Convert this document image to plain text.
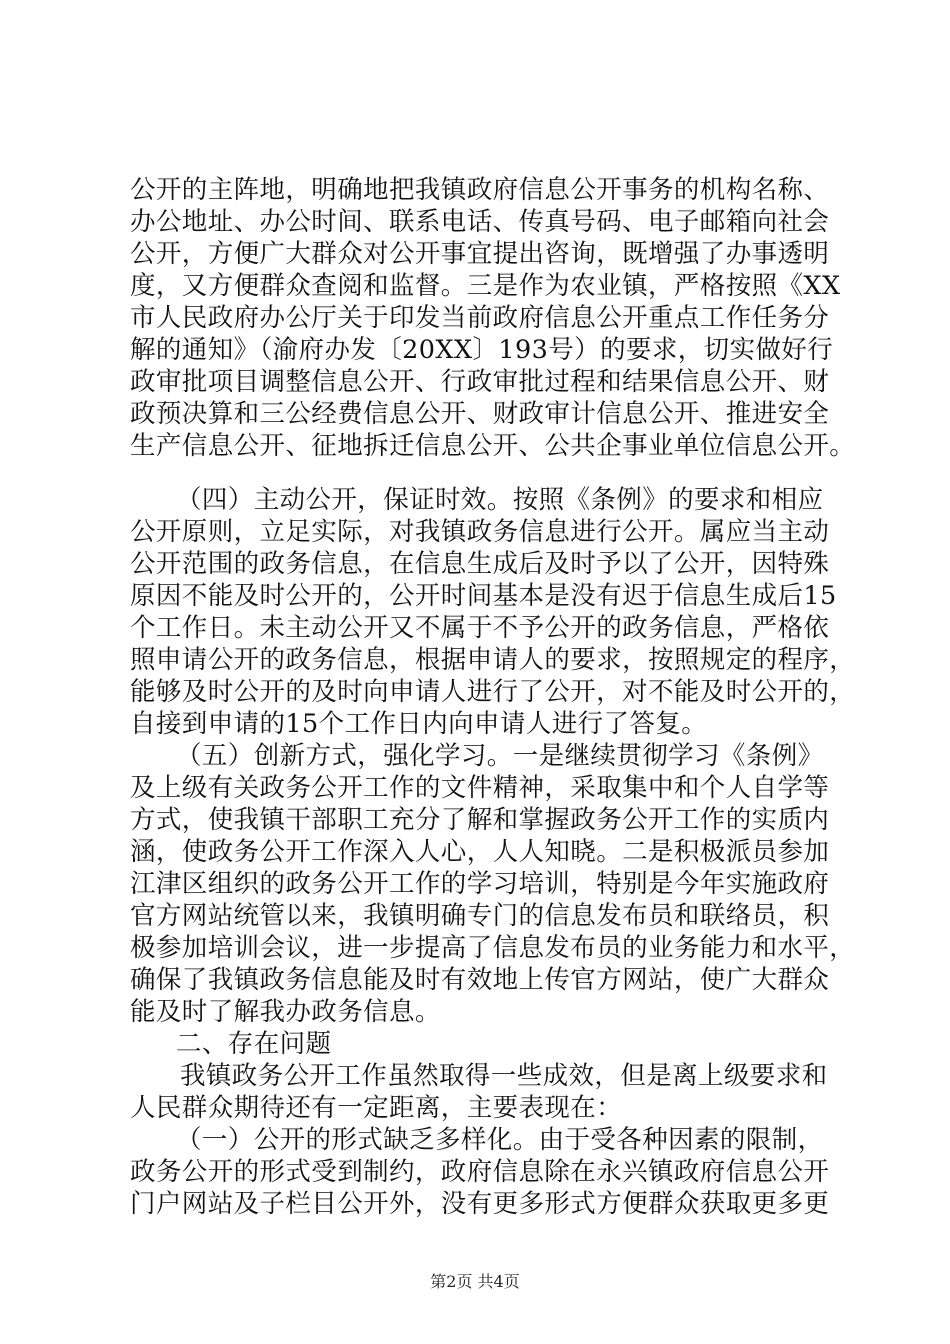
公开的主阵地，明确地把我镇政府信息公开事务的机构名称、
办公地址、办公时间、联系电话、传真号码、电子邮箱向社会
公开，方便广大群众对公开事宜提出咨询，既增强了办事透明
度，又方便群众查阅和监督。三是作为农业镇，严格按照《XX
市人民政府办公厅关于印发当前政府信息公开重点工作任务分
解的通知》（渝府办发〔20XX〕193号）的要求，切实做好行
政审批项目调整信息公开、行政审批过程和结果信息公开、财
政预决算和三公经费信息公开、财政审计信息公开、推进安全
生产信息公开、征地拆迁信息公开、公共企事业单位信息公开。
（四）主动公开，保证时效。按照《条例》的要求和相应
公开原则，立足实际，对我镇政务信息进行公开。属应当主动
公开范围的政务信息，在信息生成后及时予以了公开，因特殊
原因不能及时公开的，公开时间基本是没有迟于信息生成后15
个工作日。未主动公开又不属于不予公开的政务信息，严格依
照申请公开的政务信息，根据申请人的要求，按照规定的程序，
能够及时公开的及时向申请人进行了公开，对不能及时公开的，
自接到申请的15个工作日内向申请人进行了答复。
（五）创新方式，强化学习。一是继续贯彻学习《条例》
及上级有关政务公开工作的文件精神，采取集中和个人自学等
方式，使我镇干部职工充分了解和掌握政务公开工作的实质内
涵，使政务公开工作深入人心，人人知晓。二是积极派员参加
江津区组织的政务公开工作的学习培训，特别是今年实施政府
官方网站统管以来，我镇明确专门的信息发布员和联络员，积
极参加培训会议，进一步提高了信息发布员的业务能力和水平，
确保了我镇政务信息能及时有效地上传官方网站，使广大群众
能及时了解我办政务信息。
二、存在问题
我镇政务公开工作虽然取得一些成效，但是离上级要求和
人民群众期待还有一定距离，主要表现在：
（一）公开的形式缺乏多样化。由于受各种因素的限制，
政务公开的形式受到制约，政府信息除在永兴镇政府信息公开
门户网站及子栏目公开外，没有更多形式方便群众获取更多更
第2页 共4页
